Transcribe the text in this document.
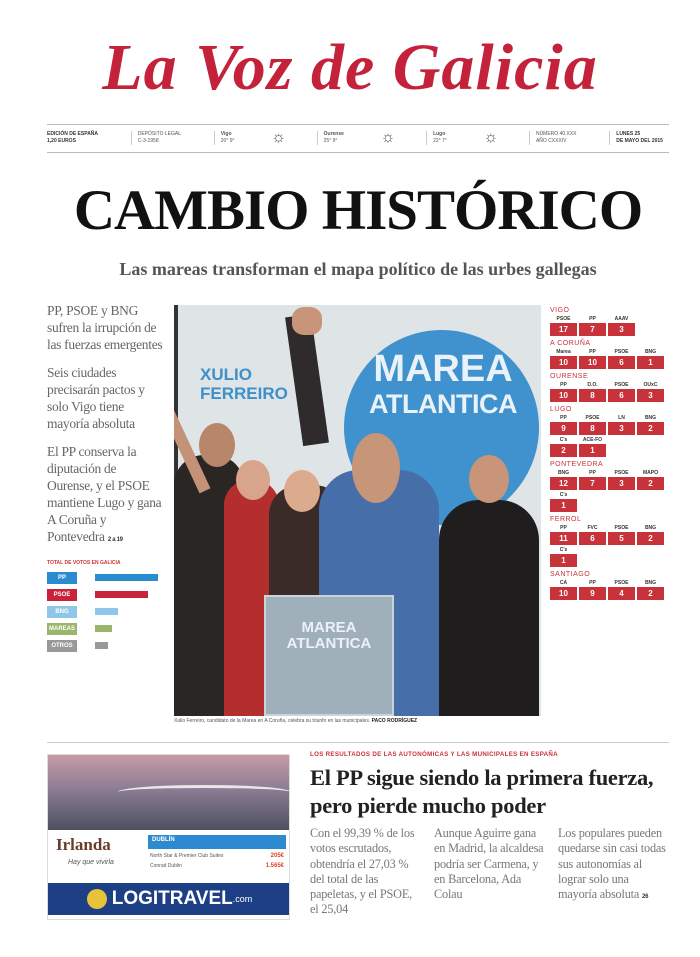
La Voz de Galicia
EDICIÓN DE ESPAÑA
1,20 EUROS
DEPÓSITO LEGAL
C-3-1958
Vigo
20° 9° ☼	Ourense
25° 9°	☼	Lugo
22° 7° ☼	NÚMERO 40.XXX
AÑO CXXXIV
LUNES 25
DE MAYO DEL 2015
CAMBIO HISTÓRICO
Las mareas transforman el mapa político de las urbes gallegas

PP, PSOE y BNG sufren la irrupción de las fuerzas emergentes

Seis ciudades precisarán pactos y solo Vigo tiene mayoría absoluta

El PP conserva la diputación de Ourense, y el PSOE mantiene Lugo y gana A Coruña y Pontevedra 2 a 19

TOTAL DE VOTOS EN GALICIA
PP
PSOE
BNG
MAREAS
OTROS
MAREA
ATLANTICA
XULIO
FERREIRO
MAREA
ATLANTICA
Xulio Ferreiro, candidato de la Marea en A Coruña, celebra su triunfo en las municipales. PACO RODRÍGUEZ
VIGO
PSOE	PP	AAAV
17	7	3
A CORUÑA
Marea	PP	PSOE	BNG
10	10	6	1
OURENSE
PP	D.O.	PSOE	OUxC
10	8	6	3
LUGO
PP	PSOE	LN	BNG
9	8	3	2
C's	ACE-FO
2	1
PONTEVEDRA
BNG	PP	PSOE	MAPO
12	7	3	2
C's
1
FERROL
PP	FVC	PSOE	BNG
11	6	5	2
C's
1
SANTIAGO
CA	PP	PSOE	BNG
10	9	4	2
Irlanda
Hay que vivirla
DUBLÍN
North Star & Premier Club Suites	205€
Conrad Dublin	1.565€
LOGITRAVEL .com
LOS RESULTADOS DE LAS AUTONÓMICAS Y LAS MUNICIPALES EN ESPAÑA
El PP sigue siendo la primera fuerza, pero pierde mucho poder
Con el 99,39 % de los votos escrutados, obtendría el 27,03 % del total de las papeletas, y el PSOE, el 25,04
Aunque Aguirre gana en Madrid, la alcaldesa podría ser Carmena, y en Barcelona, Ada Colau
Los populares pueden quedarse sin casi todas sus autonomías al lograr solo una mayoría absoluta 26
